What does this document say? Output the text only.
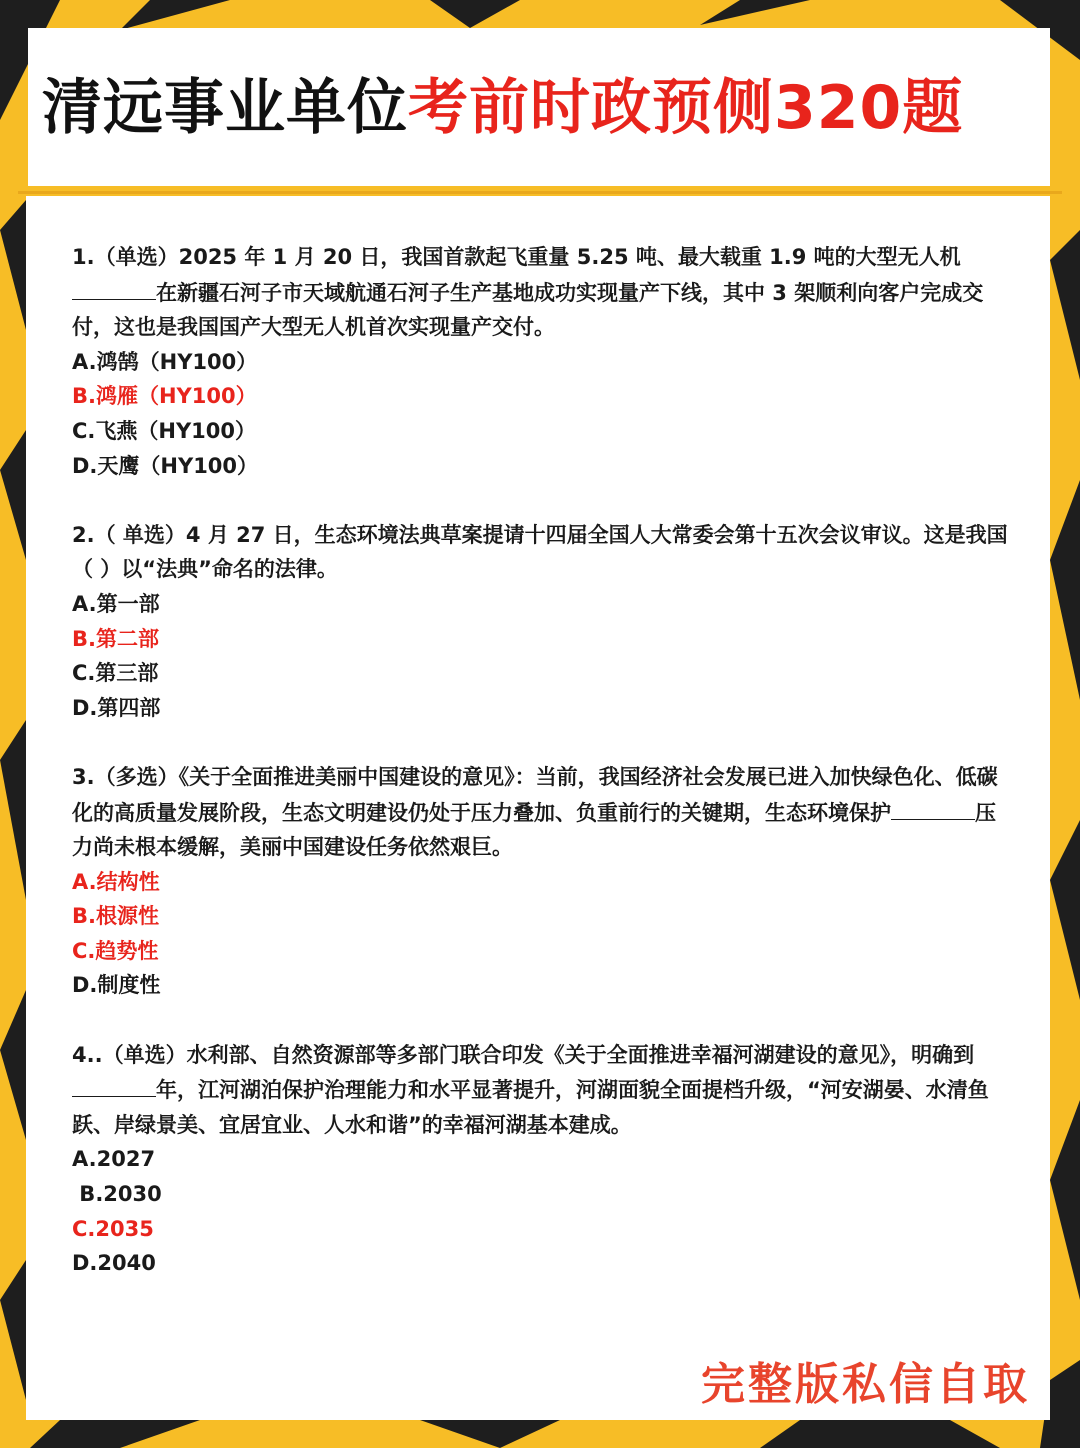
清远事业单位考前时政预侧320题

1.（单选）2025 年 1 月 20 日，我国首款起飞重量 5.25 吨、最大载重 1.9 吨的大型无人机在新疆石河子市天域航通石河子生产基地成功实现量产下线，其中 3 架顺利向客户完成交付，这也是我国国产大型无人机首次实现量产交付。

A.鸿鹄（HY100）

B.鸿雁（HY100）

C.飞燕（HY100）

D.天鹰（HY100）

2.（ 单选）4 月 27 日，生态环境法典草案提请十四届全国人大常委会第十五次会议审议。这是我国（ ）以“法典”命名的法律。

A.第一部

B.第二部

C.第三部

D.第四部

3.（多选）《关于全面推进美丽中国建设的意见》：当前，我国经济社会发展已进入加快绿色化、低碳化的高质量发展阶段，生态文明建设仍处于压力叠加、负重前行的关键期，生态环境保护	压力尚未根本缓解，美丽中国建设任务依然艰巨。

A.结构性

B.根源性

C.趋势性

D.制度性

4..（单选）水利部、自然资源部等多部门联合印发《关于全面推进幸福河湖建设的意见》，明确到年，江河湖泊保护治理能力和水平显著提升，河湖面貌全面提档升级，“河安湖晏、水清鱼跃、岸绿景美、宜居宜业、人水和谐”的幸福河湖基本建成。

A.2027

B.2030

C.2035

D.2040

完整版私信自取
